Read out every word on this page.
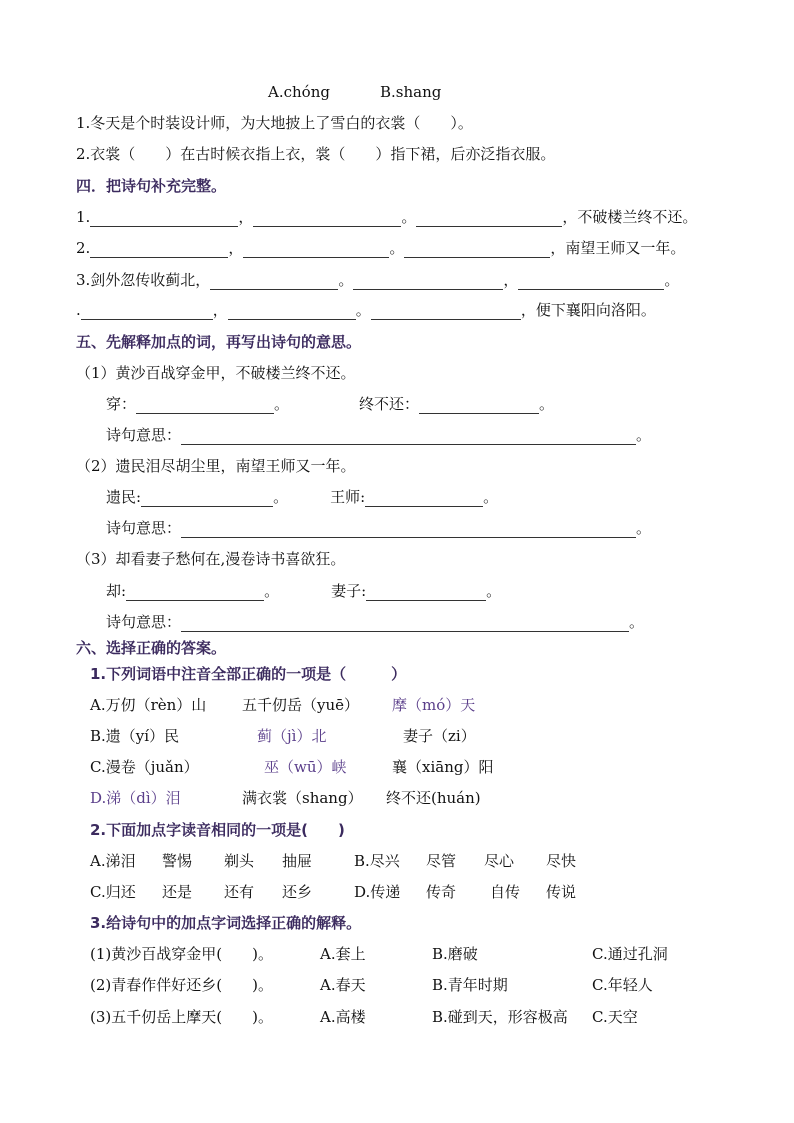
A.chóng	B.shang
1.冬天是个时装设计师，为大地披上了雪白的衣裳（　　）。
2.衣裳（　　）在古时候衣指上衣，裳（　　）指下裙，后亦泛指衣服。
四．把诗句补充完整。
1.	，	。	，不破楼兰终不还。
2.	，	。	，南望王师又一年。
3.剑外忽传收蓟北，	。	，	。
.	，	。	，便下襄阳向洛阳。
五、先解释加点的词，再写出诗句的意思。
（1）黄沙百战穿金甲，不破楼兰终不还。
穿：	。	终不还：	。
诗句意思：	。
（2）遗民泪尽胡尘里，南望王师又一年。
遗民:	。	王师:	。
诗句意思：	。
（3）却看妻子愁何在,漫卷诗书喜欲狂。
却:	。	妻子:	。
诗句意思：	。
六、选择正确的答案。
1.下列词语中注音全部正确的一项是（　　　）
A.万仞（rèn）山 五千仞岳（yuē） 摩（mó）天
B.遗（yí）民	蓟（jì）北	妻子（zi）
C.漫卷（juǎn）	巫（wū）峡	襄（xiāng）阳
D.涕（dì）泪	满衣裳（shang） 终不还(huán)
2.下面加点字读音相同的一项是(　　)
A.涕泪 警惕 剃头 抽屉	B.尽兴 尽管 尽心 尽快
C.归还 还是 还有 还乡	D.传递 传奇 自传 传说
3.给诗句中的加点字词选择正确的解释。
(1)黄沙百战穿金甲(　　)。	A.套上	B.磨破	C.通过孔洞
(2)青春作伴好还乡(　　)。	A.春天	B.青年时期	C.年轻人
(3)五千仞岳上摩天(　　)。	A.高楼	B.碰到天，形容极高 C.天空
